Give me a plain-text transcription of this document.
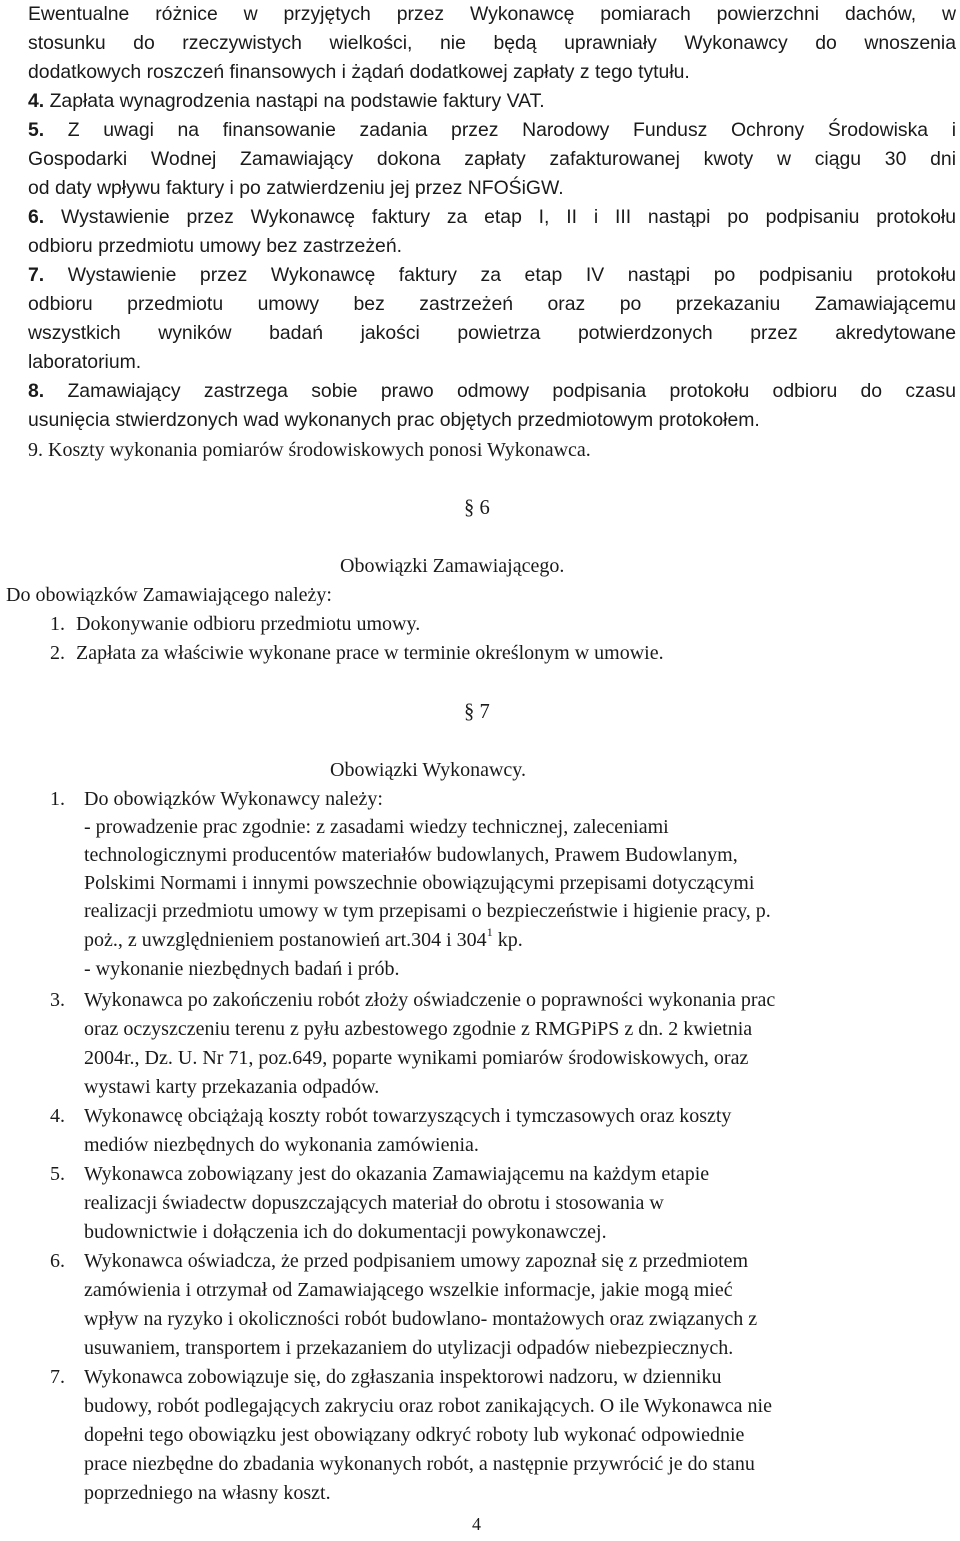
Ewentualne różnice w przyjętych przez Wykonawcę pomiarach powierzchni dachów, w
stosunku do rzeczywistych wielkości, nie będą uprawniały Wykonawcy do wnoszenia
dodatkowych roszczeń finansowych i żądań dodatkowej zapłaty z tego tytułu.
4. Zapłata wynagrodzenia nastąpi na podstawie faktury VAT.
5. Z uwagi na finansowanie zadania przez Narodowy Fundusz Ochrony Środowiska i
Gospodarki Wodnej Zamawiający dokona zapłaty zafakturowanej kwoty w ciągu 30 dni
od daty wpływu faktury i po zatwierdzeniu jej przez NFOŚiGW.
6. Wystawienie przez Wykonawcę faktury za etap I, II i III nastąpi po podpisaniu protokołu
odbioru przedmiotu umowy bez zastrzeżeń.
7. Wystawienie przez Wykonawcę faktury za etap IV nastąpi po podpisaniu protokołu
odbioru przedmiotu umowy bez zastrzeżeń oraz po przekazaniu Zamawiającemu
wszystkich wyników badań jakości powietrza potwierdzonych przez akredytowane
laboratorium.
8. Zamawiający zastrzega sobie prawo odmowy podpisania protokołu odbioru do czasu
usunięcia stwierdzonych wad wykonanych prac objętych przedmiotowym protokołem.
9. Koszty wykonania pomiarów środowiskowych ponosi Wykonawca.
§ 6
Obowiązki Zamawiającego.
Do obowiązków Zamawiającego należy:
1. Dokonywanie odbioru przedmiotu umowy.
2. Zapłata za właściwie wykonane prace w terminie określonym w umowie.
§ 7
Obowiązki Wykonawcy.
1. Do obowiązków Wykonawcy należy:
- prowadzenie prac zgodnie: z zasadami wiedzy technicznej, zaleceniami
technologicznymi producentów materiałów budowlanych, Prawem Budowlanym,
Polskimi Normami i innymi powszechnie obowiązującymi przepisami dotyczącymi
realizacji przedmiotu umowy w tym przepisami o bezpieczeństwie i higienie pracy, p.
poż., z uwzględnieniem postanowień art.304 i $304^1$ kp.
- wykonanie niezbędnych badań i prób.
3. Wykonawca po zakończeniu robót złoży oświadczenie o poprawności wykonania prac
oraz oczyszczeniu terenu z pyłu azbestowego zgodnie z RMGPiPS z dn. 2 kwietnia
2004r., Dz. U. Nr 71, poz.649, poparte wynikami pomiarów środowiskowych, oraz
wystawi karty przekazania odpadów.
4. Wykonawcę obciążają koszty robót towarzyszących i tymczasowych oraz koszty
mediów niezbędnych do wykonania zamówienia.
5. Wykonawca zobowiązany jest do okazania Zamawiającemu na każdym etapie
realizacji świadectw dopuszczających materiał do obrotu i stosowania w
budownictwie i dołączenia ich do dokumentacji powykonawczej.
6. Wykonawca oświadcza, że przed podpisaniem umowy zapoznał się z przedmiotem
zamówienia i otrzymał od Zamawiającego wszelkie informacje, jakie mogą mieć
wpływ na ryzyko i okoliczności robót budowlano- montażowych oraz związanych z
usuwaniem, transportem i przekazaniem do utylizacji odpadów niebezpiecznych.
7. Wykonawca zobowiązuje się, do zgłaszania inspektorowi nadzoru, w dzienniku
budowy, robót podlegających zakryciu oraz robot zanikających. O ile Wykonawca nie
dopełni tego obowiązku jest obowiązany odkryć roboty lub wykonać odpowiednie
prace niezbędne do zbadania wykonanych robót, a następnie przywrócić je do stanu
poprzedniego na własny koszt.
4
